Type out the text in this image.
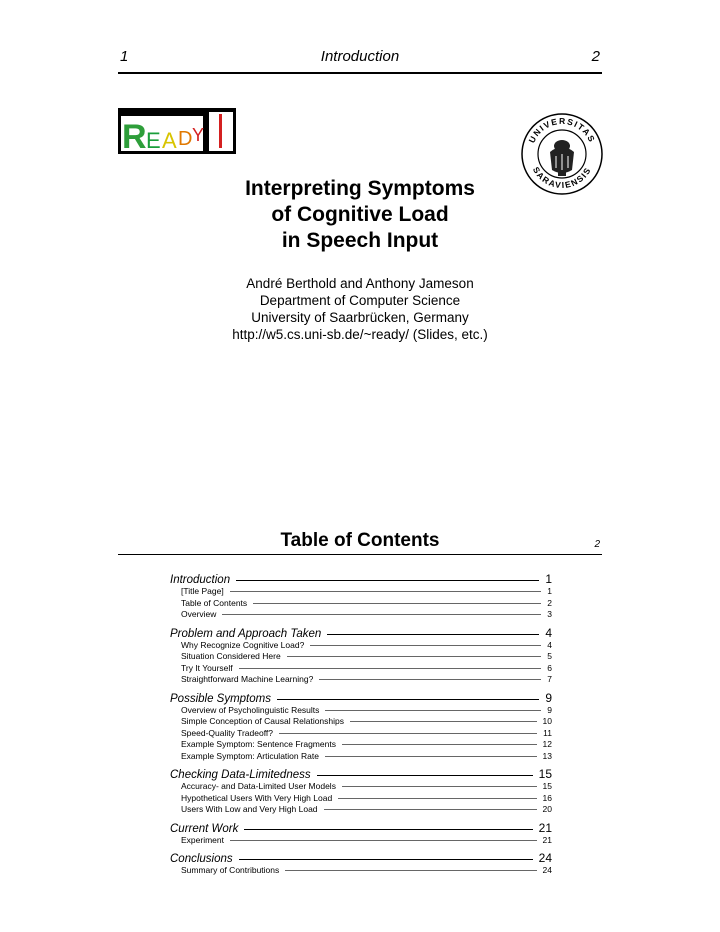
1	Introduction	2
R E A D Y	UNIVERSITAS
SARAVIENSIS
Interpreting Symptoms
of Cognitive Load
in Speech Input
André Berthold and Anthony Jameson
Department of Computer Science
University of Saarbrücken, Germany
http://w5.cs.uni-sb.de/~ready/ (Slides, etc.)
Table of Contents	2
Introduction	1
[Title Page]	1
Table of Contents	2
Overview	3
Problem and Approach Taken	4
Why Recognize Cognitive Load?	4
Situation Considered Here	5
Try It Yourself	6
Straightforward Machine Learning?	7
Possible Symptoms	9
Overview of Psycholinguistic Results	9
Simple Conception of Causal Relationships	10
Speed-Quality Tradeoff?	11
Example Symptom: Sentence Fragments	12
Example Symptom: Articulation Rate	13
Checking Data-Limitedness	15
Accuracy- and Data-Limited User Models	15
Hypothetical Users With Very High Load	16
Users With Low and Very High Load	20
Current Work	21
Experiment	21
Conclusions	24
Summary of Contributions	24
